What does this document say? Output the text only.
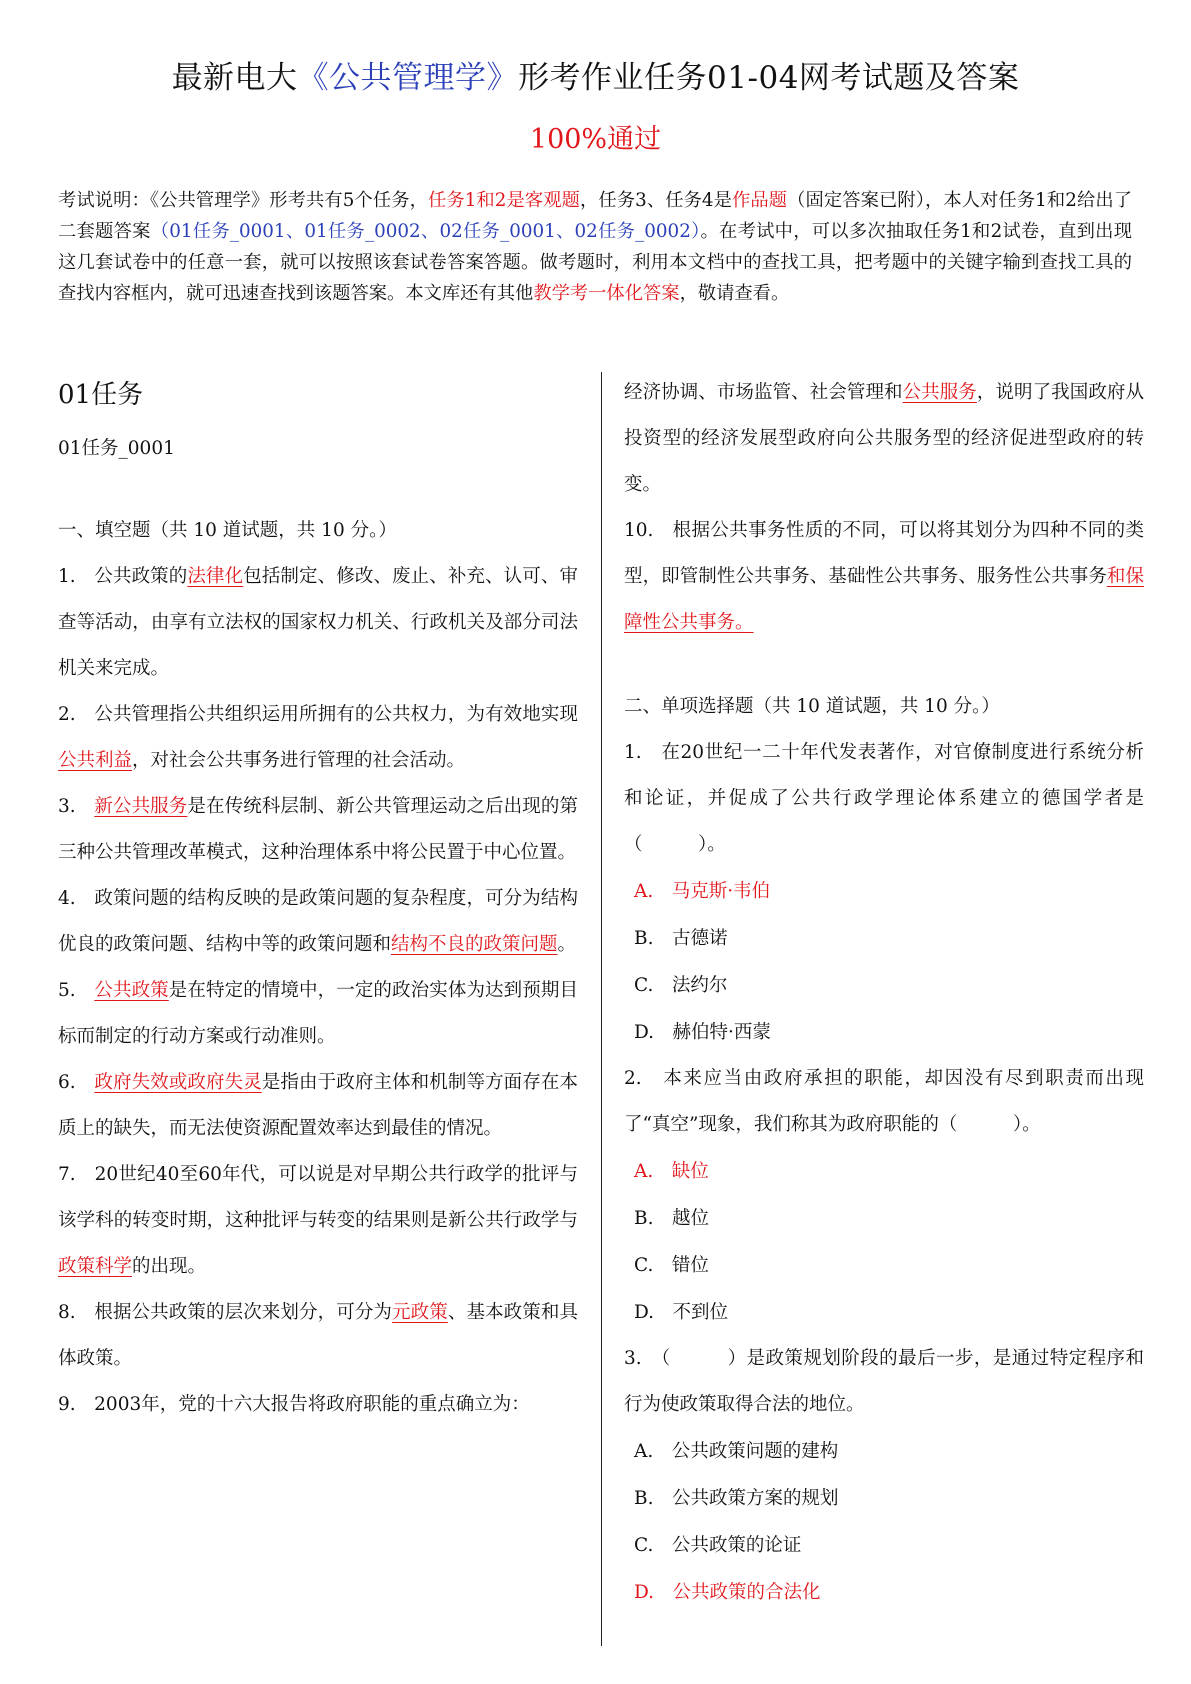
最新电大《公共管理学》形考作业任务01-04网考试题及答案
100%通过
考试说明：《公共管理学》形考共有5个任务，任务1和2是客观题，任务3、任务4是作品题（固定答案已附），本人对任务1和2给出了二套题答案（01任务_0001、01任务_0002、02任务_0001、02任务_0002）。在考试中，可以多次抽取任务1和2试卷，直到出现这几套试卷中的任意一套，就可以按照该套试卷答案答题。做考题时，利用本文档中的查找工具，把考题中的关键字输到查找工具的查找内容框内，就可迅速查找到该题答案。本文库还有其他教学考一体化答案，敬请查看。
01任务
01任务_0001

一、填空题（共 10 道试题，共 10 分。）

1.　公共政策的法律化包括制定、修改、废止、补充、认可、审查等活动，由享有立法权的国家权力机关、行政机关及部分司法机关来完成。

2.　公共管理指公共组织运用所拥有的公共权力，为有效地实现公共利益，对社会公共事务进行管理的社会活动。

3.　新公共服务是在传统科层制、新公共管理运动之后出现的第三种公共管理改革模式，这种治理体系中将公民置于中心位置。

4.　政策问题的结构反映的是政策问题的复杂程度，可分为结构优良的政策问题、结构中等的政策问题和结构不良的政策问题。

5.　公共政策是在特定的情境中，一定的政治实体为达到预期目标而制定的行动方案或行动准则。

6.　政府失效或政府失灵是指由于政府主体和机制等方面存在本质上的缺失，而无法使资源配置效率达到最佳的情况。

7.　20世纪40至60年代，可以说是对早期公共行政学的批评与该学科的转变时期，这种批评与转变的结果则是新公共行政学与政策科学的出现。

8.　根据公共政策的层次来划分，可分为元政策、基本政策和具体政策。

9.　2003年，党的十六大报告将政府职能的重点确立为：

经济协调、市场监管、社会管理和公共服务，说明了我国政府从投资型的经济发展型政府向公共服务型的经济促进型政府的转变。

10.　根据公共事务性质的不同，可以将其划分为四种不同的类型，即管制性公共事务、基础性公共事务、服务性公共事务和保障性公共事务。

二、单项选择题（共 10 道试题，共 10 分。）

1.　在20世纪一二十年代发表著作，对官僚制度进行系统分析和论证，并促成了公共行政学理论体系建立的德国学者是（　　　）。

A.　马克斯·韦伯

B.　古德诺

C.　法约尔

D.　赫伯特·西蒙

2.　本来应当由政府承担的职能，却因没有尽到职责而出现了“真空”现象，我们称其为政府职能的（　　　）。

A.　缺位

B.　越位

C.　错位

D.　不到位

3.　（　　　）是政策规划阶段的最后一步，是通过特定程序和行为使政策取得合法的地位。

A.　公共政策问题的建构

B.　公共政策方案的规划

C.　公共政策的论证

D.　公共政策的合法化
